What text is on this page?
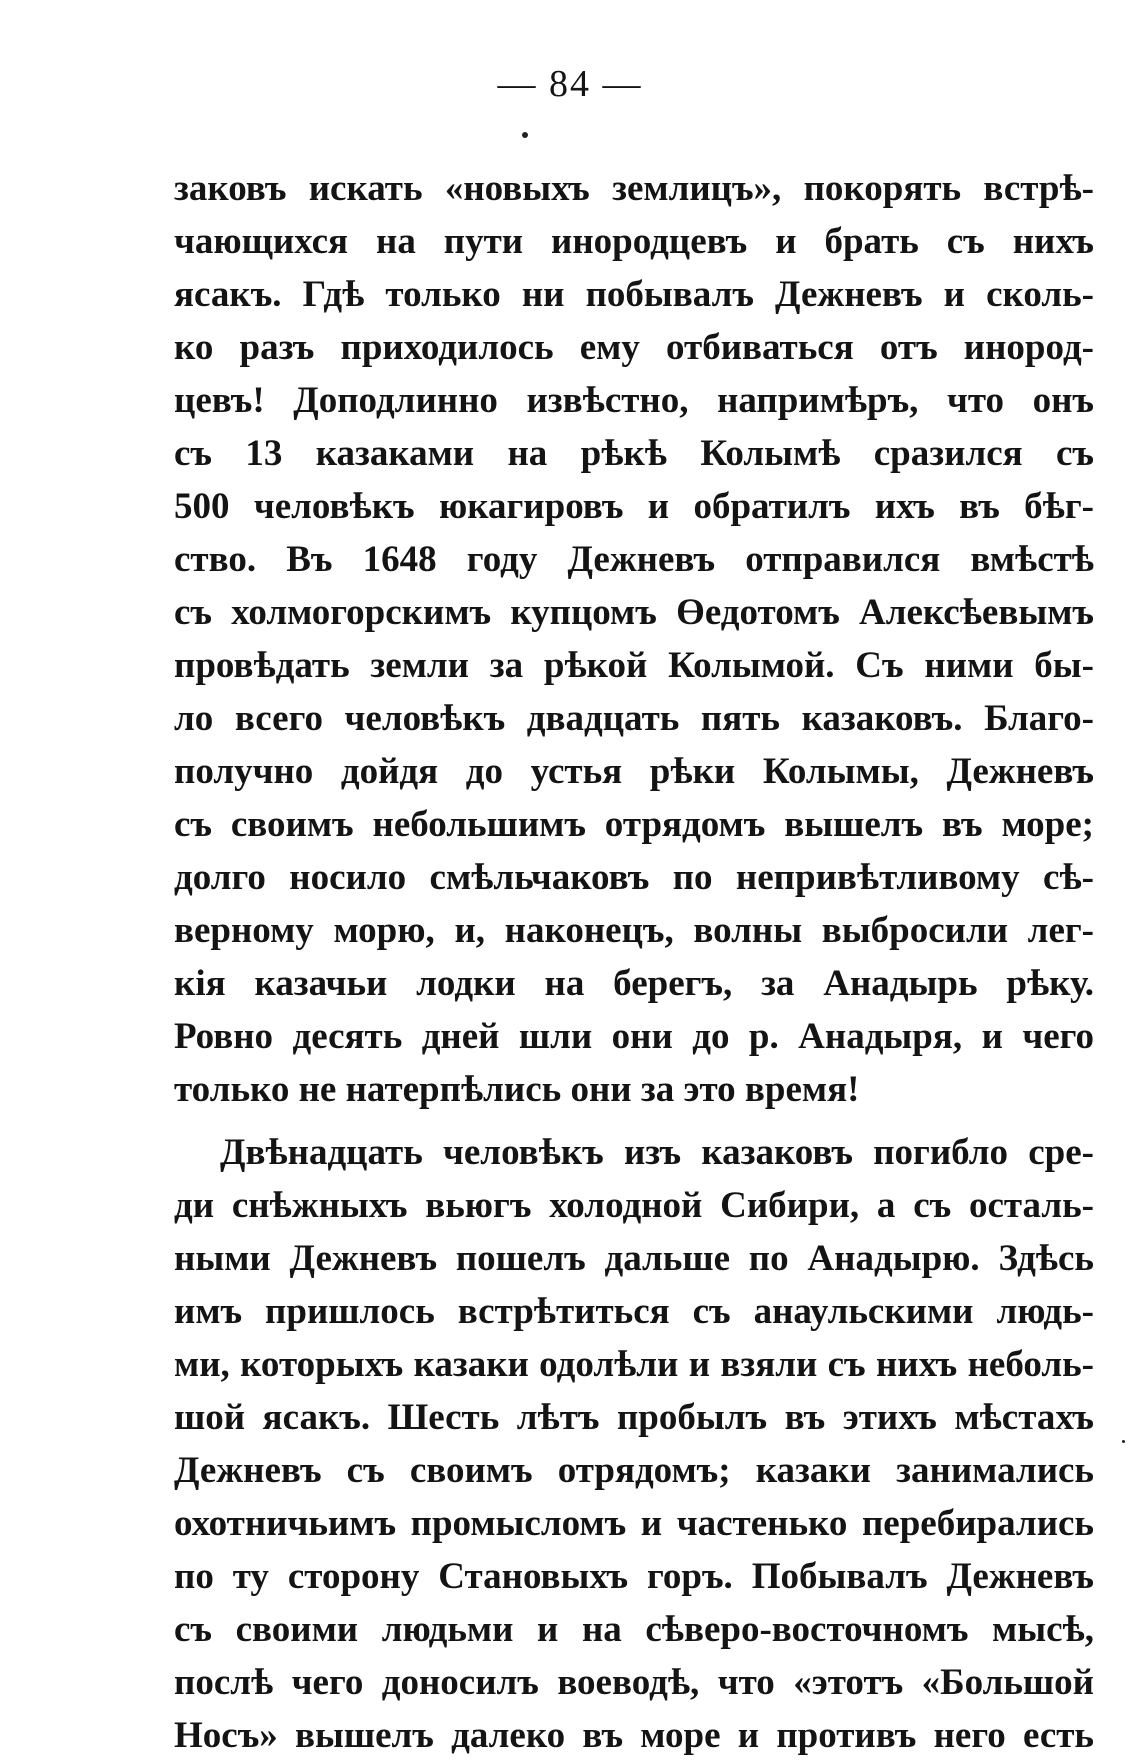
— 84 —
заковъ искать «новыхъ землицъ», покорять встрѣ-
чающихся на пути инородцевъ и брать съ нихъ
ясакъ. Гдѣ только ни побывалъ Дежневъ и сколь-
ко разъ приходилось ему отбиваться отъ инород-
цевъ! Доподлинно извѣстно, напримѣръ, что онъ
съ 13 казаками на рѣкѣ Колымѣ сразился съ
500 человѣкъ юкагировъ и обратилъ ихъ въ бѣг-
ство. Въ 1648 году Дежневъ отправился вмѣстѣ
съ холмогорскимъ купцомъ Өедотомъ Алексѣевымъ
провѣдать земли за рѣкой Колымой. Съ ними бы-
ло всего человѣкъ двадцать пять казаковъ. Благо-
получно дойдя до устья рѣки Колымы, Дежневъ
съ своимъ небольшимъ отрядомъ вышелъ въ море;
долго носило смѣльчаковъ по непривѣтливому сѣ-
верному морю, и, наконецъ, волны выбросили лег-
кія казачьи лодки на берегъ, за Анадырь рѣку.
Ровно десять дней шли они до р. Анадыря, и чего
только не натерпѣлись они за это время!
Двѣнадцать человѣкъ изъ казаковъ погибло сре-
ди снѣжныхъ вьюгъ холодной Сибири, а съ осталь-
ными Дежневъ пошелъ дальше по Анадырю. Здѣсь
имъ пришлось встрѣтиться съ анаульскими людь-
ми, которыхъ казаки одолѣли и взяли съ нихъ неболь-
шой ясакъ. Шесть лѣтъ пробылъ въ этихъ мѣстахъ
Дежневъ съ своимъ отрядомъ; казаки занимались
охотничьимъ промысломъ и частенько перебирались
по ту сторону Становыхъ горъ. Побывалъ Дежневъ
съ своими людьми и на сѣверо-восточномъ мысѣ,
послѣ чего доносилъ воеводѣ, что «этотъ «Большой
Носъ» вышелъ далеко въ море и противъ него есть
